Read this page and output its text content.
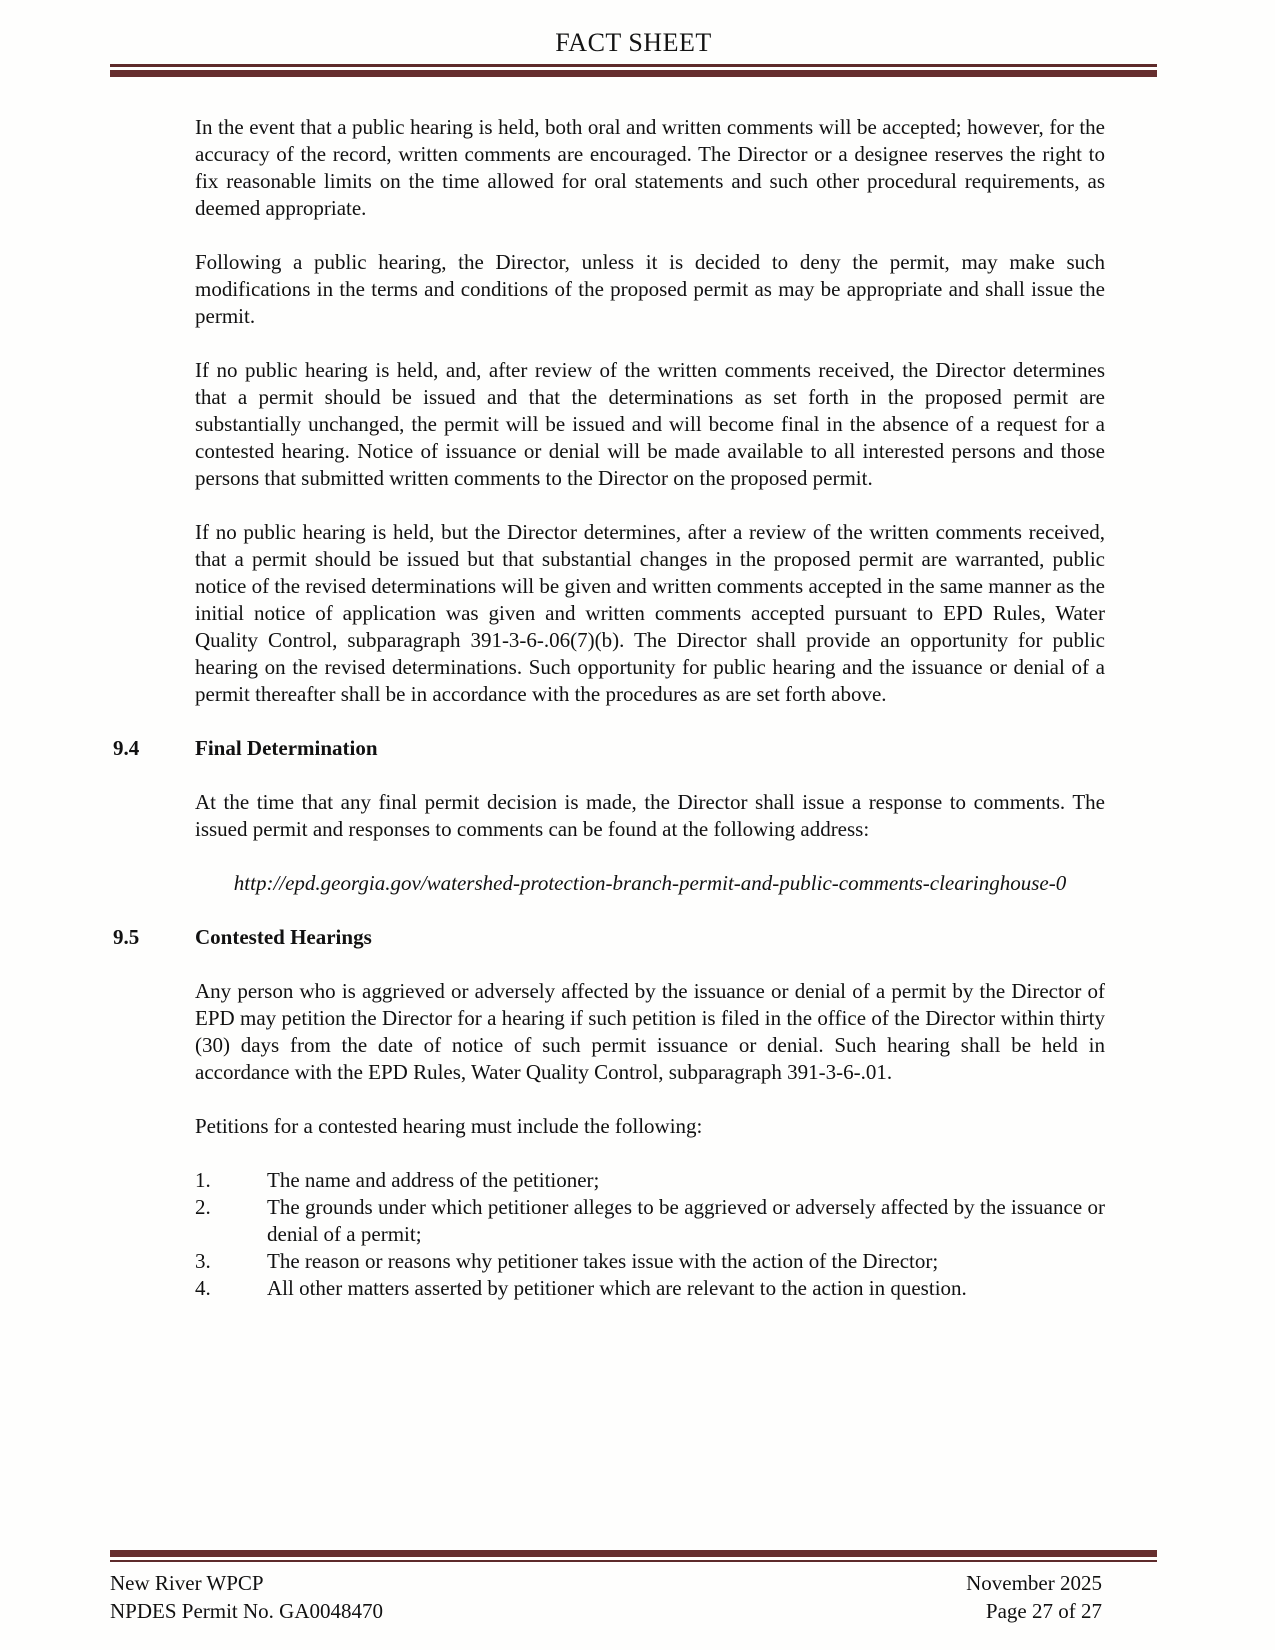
FACT SHEET

In the event that a public hearing is held, both oral and written comments will be accepted; however, for the accuracy of the record, written comments are encouraged. The Director or a designee reserves the right to fix reasonable limits on the time allowed for oral statements and such other procedural requirements, as deemed appropriate.

Following a public hearing, the Director, unless it is decided to deny the permit, may make such modifications in the terms and conditions of the proposed permit as may be appropriate and shall issue the permit.

If no public hearing is held, and, after review of the written comments received, the Director determines that a permit should be issued and that the determinations as set forth in the proposed permit are substantially unchanged, the permit will be issued and will become final in the absence of a request for a contested hearing. Notice of issuance or denial will be made available to all interested persons and those persons that submitted written comments to the Director on the proposed permit.

If no public hearing is held, but the Director determines, after a review of the written comments received, that a permit should be issued but that substantial changes in the proposed permit are warranted, public notice of the revised determinations will be given and written comments accepted in the same manner as the initial notice of application was given and written comments accepted pursuant to EPD Rules, Water Quality Control, subparagraph 391-3-6-.06(7)(b). The Director shall provide an opportunity for public hearing on the revised determinations. Such opportunity for public hearing and the issuance or denial of a permit thereafter shall be in accordance with the procedures as are set forth above.

9.4	Final Determination

At the time that any final permit decision is made, the Director shall issue a response to comments. The issued permit and responses to comments can be found at the following address:

http://epd.georgia.gov/watershed-protection-branch-permit-and-public-comments-clearinghouse-0
9.5	Contested Hearings

Any person who is aggrieved or adversely affected by the issuance or denial of a permit by the Director of EPD may petition the Director for a hearing if such petition is filed in the office of the Director within thirty (30) days from the date of notice of such permit issuance or denial. Such hearing shall be held in accordance with the EPD Rules, Water Quality Control, subparagraph 391-3-6-.01.

Petitions for a contested hearing must include the following:

1.	The name and address of the petitioner;
2.	The grounds under which petitioner alleges to be aggrieved or adversely affected by the issuance or denial of a permit;
3.	The reason or reasons why petitioner takes issue with the action of the Director;
4.	All other matters asserted by petitioner which are relevant to the action in question.
New River WPCP
NPDES Permit No. GA0048470
November 2025
Page 27 of 27
